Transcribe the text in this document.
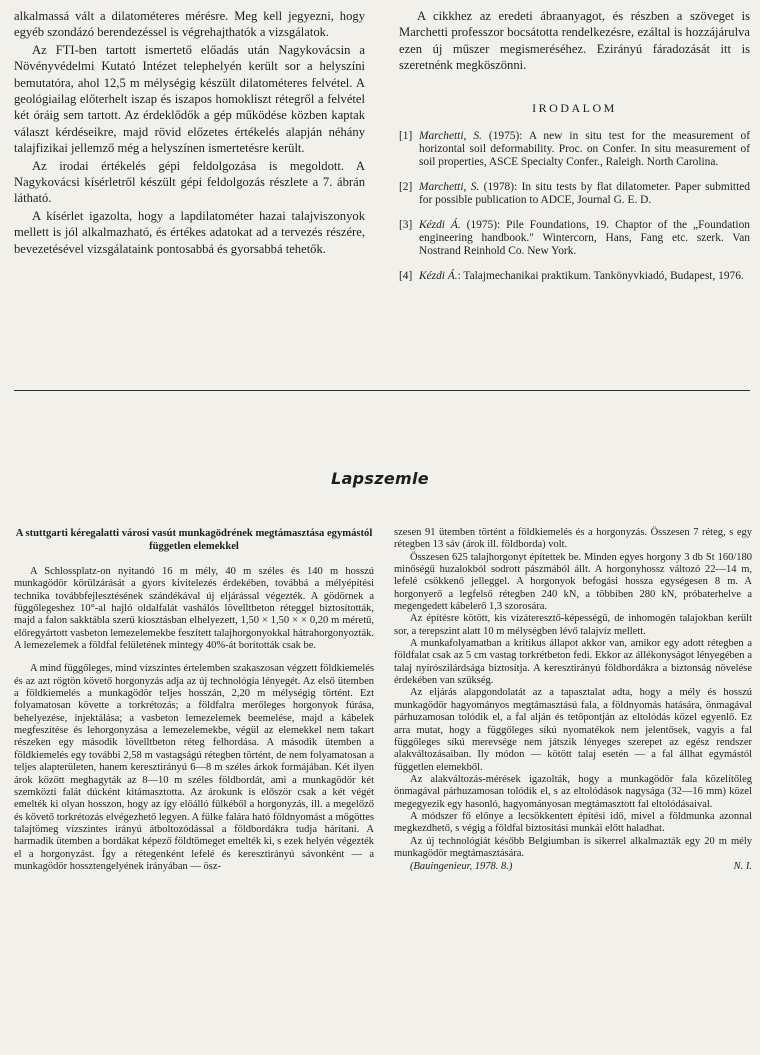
alkalmassá vált a dilatométeres mérésre. Meg kell jegyezni, hogy egyéb szondázó berendezéssel is végrehajthatók a vizsgálatok.

Az FTI-ben tartott ismertető előadás után Nagykovácsin a Növényvédelmi Kutató Intézet telephelyén került sor a helyszíni bemutatóra, ahol 12,5 m mélységig készült dilatométeres felvétel. A geológiailag előterhelt iszap és iszapos homokliszt rétegről a felvétel két óráig sem tartott. Az érdeklődők a gép működése közben kaptak választ kérdéseikre, majd rövid előzetes értékelés alapján néhány talajfizikai jellemző még a helyszínen ismertetésre került.

Az irodai értékelés gépi feldolgozása is megoldott. A Nagykovácsi kísérletről készült gépi feldolgozás részlete a 7. ábrán látható.

A kísérlet igazolta, hogy a lapdilatométer hazai talajviszonyok mellett is jól alkalmazható, és értékes adatokat ad a tervezés részére, bevezetésével vizsgálataink pontosabbá és gyorsabbá tehetők.

A cikkhez az eredeti ábraanyagot, és részben a szöveget is Marchetti professzor bocsátotta rendelkezésre, ezáltal is hozzájárulva ezen új műszer megismeréséhez. Ezirányú fáradozását itt is szeretnénk megköszönni.

IRODALOM
[1] Marchetti, S. (1975): A new in situ test for the measurement of horizontal soil deformability. Proc. on Confer. In situ measurement of soil properties, ASCE Specialty Confer., Raleigh. North Carolina.
[2] Marchetti, S. (1978): In situ tests by flat dilatometer. Paper submitted for possible publication to ADCE, Journal G. E. D.
[3] Kézdi Á. (1975): Pile Foundations, 19. Chaptor of the „Foundation engineering handbook." Wintercorn, Hans, Fang etc. szerk. Van Nostrand Reinhold Co. New York.
[4] Kézdi Á.: Talajmechanikai praktikum. Tankönyvkiadó, Budapest, 1976.
Lapszemle
A stuttgarti kéregalatti városi vasút munkagödrének megtámasztása egymástól független elemekkel

A Schlossplatz-on nyitandó 16 m mély, 40 m széles és 140 m hosszú munkagödör körülzárását a gyors kivitelezés érdekében, továbbá a mélyépítési technika továbbfejlesztésének szándékával új eljárással végezték. A gödörnek a függőlegeshez 10°-al hajló oldalfalát vashálós lövelltbeton réteggel biztosították, majd a falon sakktábla szerű kiosztásban elhelyezett, 1,50 × 1,50 × × 0,20 m méretű, előregyártott vasbeton lemezelemekbe feszített talajhorgonyokkal hátrahorgonyozták. A lemezelemek a földfal felületének mintegy 40%-át borították csak be.

A mind függőleges, mind vízszintes értelemben szakaszosan végzett földkiemelés és az azt rögtön követő horgonyzás adja az új technológia lényegét. Az első ütemben a földkiemelés a munkagödör teljes hosszán, 2,20 m mélységig történt. Ezt folyamatosan követte a torkrétozás; a földfalra merőleges horgonyok fúrása, behelyezése, injektálása; a vasbeton lemezelemek beemelése, majd a kábelek megfeszítése és lehorgonyzása a lemezelemekbe, végül az elemekkel nem takart részeken egy második lövelltbeton réteg felhordása. A második ütemben a földkiemelés egy további 2,58 m vastagságú rétegben történt, de nem folyamatosan a teljes alapterületen, hanem keresztirányú 6—8 m széles árkok formájában. Két ilyen árok között meghagyták az 8—10 m széles földbordát, ami a munkagödör két szemközti falát dúcként kitámasztotta. Az árokunk is először csak a két végét emelték ki olyan hosszon, hogy az így elöálló fülkéből a horgonyzás, ill. a megelőző és követő torkrétozás elvégezhető legyen. A fülke falára ható földnyomást a mögöttes talajtömeg vízszintes irányú átboltozódással a földbordákra tudja hárítani. A harmadik ütemben a bordákat képező földtömeget emelték ki, s ezek helyén végezték el a horgonyzást. Így a rétegenként lefelé és keresztirányú sávonként — a munkagödör hossztengelyének irányában — ösz-

szesen 91 ütemben történt a földkiemelés és a horgonyzás. Összesen 7 réteg, s egy rétegben 13 sáv (árok ill. földborda) volt.

Összesen 625 talajhorgonyt építettek be. Minden egyes horgony 3 db St 160/180 minőségű huzalokból sodrott pászmából állt. A horgonyhossz változó 22—14 m, lefelé csökkenő jelleggel. A horgonyok befogási hossza egységesen 8 m. A horgonyerő a legfelső rétegben 240 kN, a többiben 280 kN, próbaterhelve a megengedett kábelerő 1,3 szorosára.

Az építésre kötött, kis vízáteresztő-képességű, de inhomogén talajokban került sor, a terepszint alatt 10 m mélységben lévő talajvíz mellett.

A munkafolyamatban a kritikus állapot akkor van, amikor egy adott rétegben a földfalat csak az 5 cm vastag torkrétbeton fedi. Ekkor az állékonyságot lényegében a talaj nyírószilárdsága biztosítja. A keresztirányú földbordákra a biztonság növelése érdekében van szükség.

Az eljárás alapgondolatát az a tapasztalat adta, hogy a mély és hosszú munkagödör hagyományos megtámasztású fala, a földnyomás hatására, önmagával párhuzamosan tolódik el, a fal alján és tetőpontján az eltolódás közel egyenlő. Ez arra mutat, hogy a függőleges síkú nyomatékok nem jelentősek, vagyis a fal függőleges síkú merevsége nem játszik lényeges szerepet az egész rendszer alakváltozásaiban. Ily módon — kötött talaj esetén — a fal állhat egymástól független elemekből.

Az alakváltozás-mérések igazolták, hogy a munkagödör fala közelítőleg önmagával párhuzamosan tolódik el, s az eltolódások nagysága (32—16 mm) közel megegyezik egy hasonló, hagyományosan megtámasztott fal eltolódásaival.

A módszer fő előnye a lecsökkentett építési idő, mivel a földmunka azonnal megkezdhető, s végig a földfal biztosítási munkái előtt haladhat.

Az új technológiát később Belgiumban is sikerrel alkalmazták egy 20 m mély munkagödör megtámasztására.

(Bauingenieur, 1978. 8.)	N. I.
